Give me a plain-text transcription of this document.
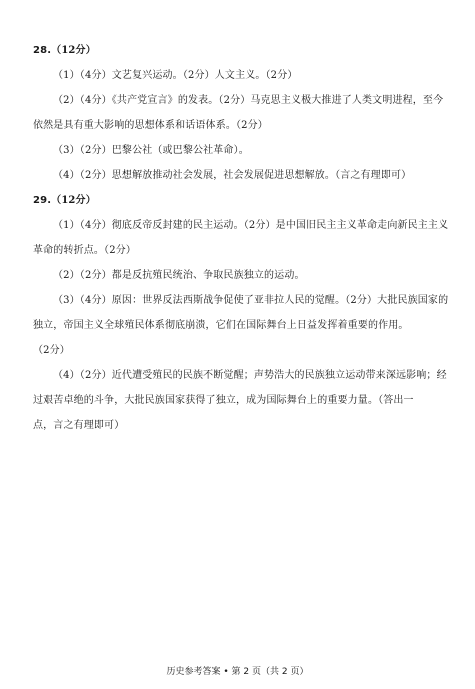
28.（12分）
（1）（4分）文艺复兴运动。（2分）人文主义。（2分）
（2）（4分）《共产党宣言》的发表。（2分）马克思主义极大推进了人类文明进程，至今
依然是具有重大影响的思想体系和话语体系。（2分）
（3）（2分）巴黎公社（或巴黎公社革命）。
（4）（2分）思想解放推动社会发展，社会发展促进思想解放。（言之有理即可）
29.（12分）
（1）（4分）彻底反帝反封建的民主运动。（2分）是中国旧民主主义革命走向新民主主义
革命的转折点。（2分）
（2）（2分）都是反抗殖民统治、争取民族独立的运动。
（3）（4分）原因：世界反法西斯战争促使了亚非拉人民的觉醒。（2分）大批民族国家的
独立，帝国主义全球殖民体系彻底崩溃，它们在国际舞台上日益发挥着重要的作用。
（2分）
（4）（2分）近代遭受殖民的民族不断觉醒；声势浩大的民族独立运动带来深远影响；经
过艰苦卓绝的斗争，大批民族国家获得了独立，成为国际舞台上的重要力量。（答出一
点，言之有理即可）
历史参考答案 • 第 2 页（共 2 页）
